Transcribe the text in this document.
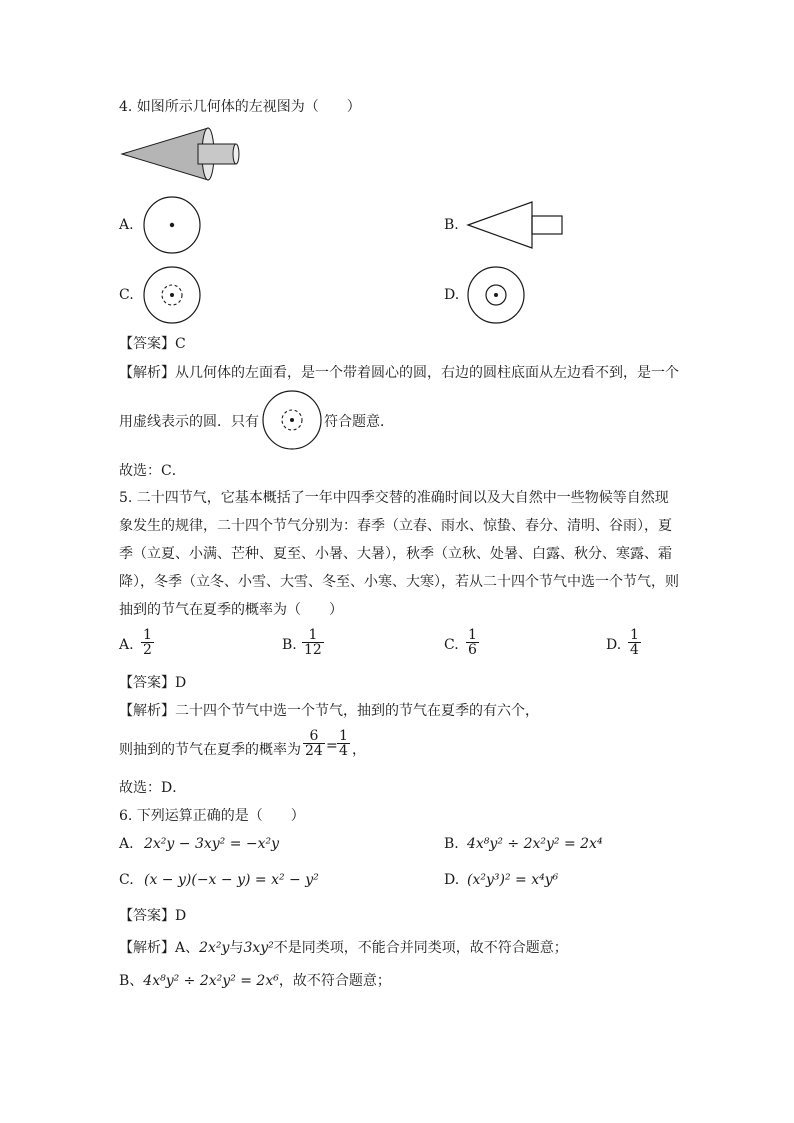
4. 如图所示几何体的左视图为（　　）
A.	B.
C.	D.
【答案】C
【解析】从几何体的左面看，是一个带着圆心的圆，右边的圆柱底面从左边看不到，是一个
用虚线表示的圆．只有	符合题意．
故选：C．
5. 二十四节气，它基本概括了一年中四季交替的准确时间以及大自然中一些物候等自然现
象发生的规律，二十四个节气分别为：春季（立春、雨水、惊蛰、春分、清明、谷雨），夏
季（立夏、小满、芒种、夏至、小暑、大暑），秋季（立秋、处暑、白露、秋分、寒露、霜
降），冬季（立冬、小雪、大雪、冬至、小寒、大寒），若从二十四个节气中选一个节气，则
抽到的节气在夏季的概率为（　　）
A. $\frac{1}{2}$	B. $\frac{1}{12}$	C. $\frac{1}{6}$	D. $\frac{1}{4}$
【答案】D
【解析】二十四个节气中选一个节气，抽到的节气在夏季的有六个，
则抽到的节气在夏季的概率为 $\frac{6}{24} = \frac{1}{4}$ ，
故选：D．
6. 下列运算正确的是（　　）
A. 2x²y − 3xy² = −x²y	B. 4x⁸y² ÷ 2x²y² = 2x⁴
C. (x − y)(−x − y) = x² − y²	D. (x²y³)² = x⁴y⁶
【答案】D
【解析】A、2x²y与3xy²不是同类项，不能合并同类项，故不符合题意；
B、4x⁸y² ÷ 2x²y² = 2x⁶，故不符合题意；
